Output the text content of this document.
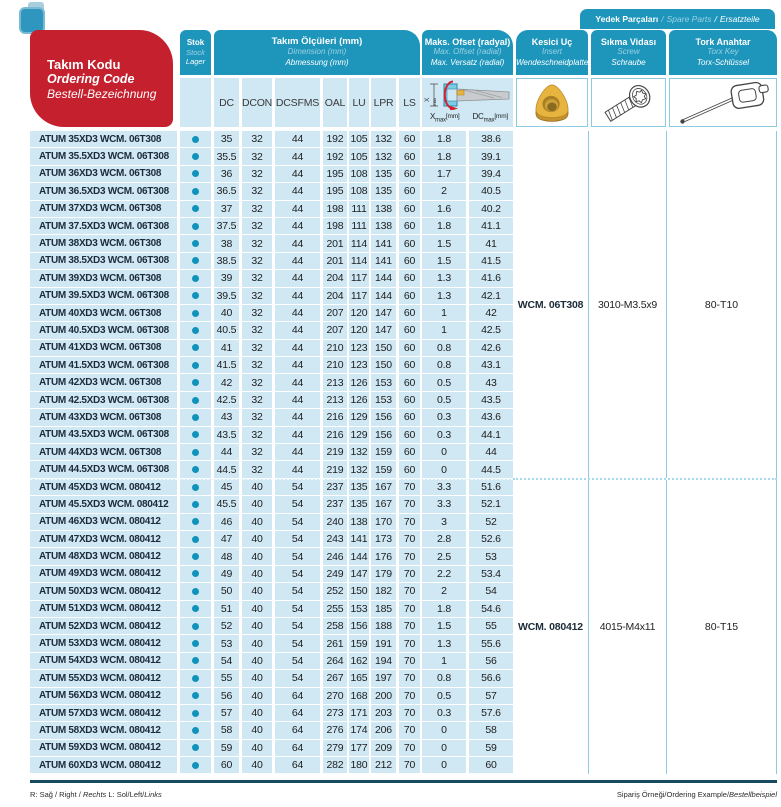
Takım Kodu
Ordering Code
Bestell-Bezeichnung
Yedek Parçaları / Spare Parts / Ersatzteile
Stok
Stock
Lager
Takım Ölçüleri (mm)
Dimension (mm)
Abmessung (mm)
Maks. Ofset (radyal)
Max. Offset (radial)
Max. Versatz (radial)
Kesici Uç
Insert
Wendeschneidplatte
Sıkma Vidası
Screw
Schraube
Tork Anahtar
Torx Key
Torx-Schlüssel
DC DCON DCSFMS OAL LU LPR LS	X max
$X_{max}[mm]$	$DC_{max}[mm]$
ATUM 35XD3 WCM. 06T308	35	32	44	192 105 132	60	1.8	38.6
ATUM 35.5XD3 WCM. 06T308	35.5	32	44	192 105 132	60	1.8	39.1
ATUM 36XD3 WCM. 06T308	36	32	44	195 108 135	60	1.7	39.4
ATUM 36.5XD3 WCM. 06T308	36.5	32	44	195 108 135	60	2	40.5
ATUM 37XD3 WCM. 06T308	37	32	44	198 111 138	60	1.6	40.2
ATUM 37.5XD3 WCM. 06T308	37.5	32	44	198 111 138	60	1.8	41.1
ATUM 38XD3 WCM. 06T308	38	32	44	201 114 141	60	1.5	41
ATUM 38.5XD3 WCM. 06T308	38.5	32	44	201 114 141	60	1.5	41.5
ATUM 39XD3 WCM. 06T308	39	32	44	204 117 144	60	1.3	41.6
ATUM 39.5XD3 WCM. 06T308	39.5	32	44	204 117 144	60	1.3	42.1
ATUM 40XD3 WCM. 06T308	40	32	44	207 120 147	60	1	42
ATUM 40.5XD3 WCM. 06T308	40.5	32	44	207 120 147	60	1	42.5
ATUM 41XD3 WCM. 06T308	41	32	44	210 123 150	60	0.8	42.6
ATUM 41.5XD3 WCM. 06T308	41.5	32	44	210 123 150	60	0.8	43.1
ATUM 42XD3 WCM. 06T308	42	32	44	213 126 153	60	0.5	43
ATUM 42.5XD3 WCM. 06T308	42.5	32	44	213 126 153	60	0.5	43.5
ATUM 43XD3 WCM. 06T308	43	32	44	216 129 156	60	0.3	43.6
ATUM 43.5XD3 WCM. 06T308	43.5	32	44	216 129 156	60	0.3	44.1
ATUM 44XD3 WCM. 06T308	44	32	44	219 132 159	60	0	44
ATUM 44.5XD3 WCM. 06T308	44.5	32	44	219 132 159	60	0	44.5
ATUM 45XD3 WCM. 080412	45	40	54	237 135 167	70	3.3	51.6
ATUM 45.5XD3 WCM. 080412	45.5	40	54	237 135 167	70	3.3	52.1
ATUM 46XD3 WCM. 080412	46	40	54	240 138 170	70	3	52
ATUM 47XD3 WCM. 080412	47	40	54	243 141 173	70	2.8	52.6
ATUM 48XD3 WCM. 080412	48	40	54	246 144 176	70	2.5	53
ATUM 49XD3 WCM. 080412	49	40	54	249 147 179	70	2.2	53.4
ATUM 50XD3 WCM. 080412	50	40	54	252 150 182	70	2	54
ATUM 51XD3 WCM. 080412	51	40	54	255 153 185	70	1.8	54.6
ATUM 52XD3 WCM. 080412	52	40	54	258 156 188	70	1.5	55
ATUM 53XD3 WCM. 080412	53	40	54	261 159 191	70	1.3	55.6
ATUM 54XD3 WCM. 080412	54	40	54	264 162 194	70	1	56
ATUM 55XD3 WCM. 080412	55	40	54	267 165 197	70	0.8	56.6
ATUM 56XD3 WCM. 080412	56	40	64	270 168 200	70	0.5	57
ATUM 57XD3 WCM. 080412	57	40	64	273 171 203	70	0.3	57.6
ATUM 58XD3 WCM. 080412	58	40	64	276 174 206	70	0	58
ATUM 59XD3 WCM. 080412	59	40	64	279 177 209	70	0	59
ATUM 60XD3 WCM. 080412	60	40	64	282 180 212	70	0	60
WCM. 06T308	3010-M3.5x9	80-T10
WCM. 080412	4015-M4x11	80-T15
R: Sağ / Right / Rechts L: Sol/Left/Links	Sipariş Örneği/Ordering Example/Bestellbeispiel
